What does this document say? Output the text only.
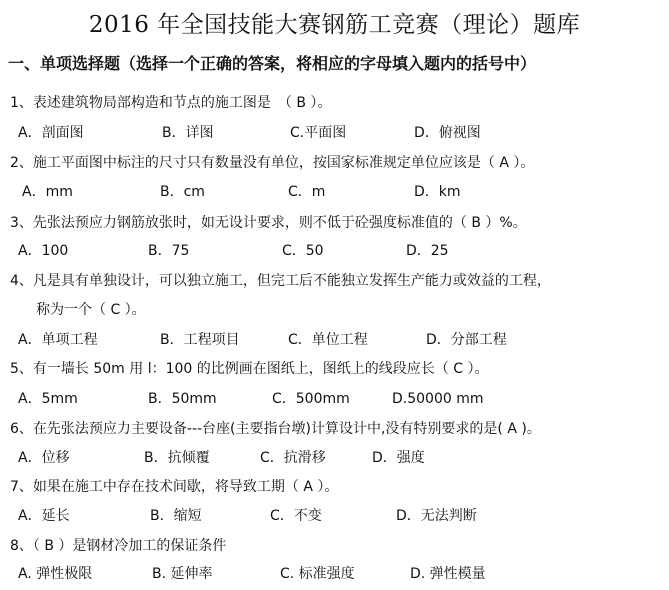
2016 年全国技能大赛钢筋工竞赛（理论）题库
一、单项选择题（选择一个正确的答案，将相应的字母填入题内的括号中）
1、表述建筑物局部构造和节点的施工图是　（ B ）。
A．剖面图	B．详图	C.平面图	D．俯视图
2、施工平面图中标注的尺寸只有数量没有单位，按国家标准规定单位应该是（ A ）。
A．mm	B．cm	C．m	D．km
3、先张法预应力钢筋放张时，如无设计要求，则不低于砼强度标准值的（ B ）%。
A．100	B．75	C．50	D．25
4、凡是具有单独设计，可以独立施工，但完工后不能独立发挥生产能力或效益的工程，
称为一个（ C ）。
A．单项工程	B．工程项目	C．单位工程	D．分部工程
5、有一墙长 50m 用 l：100 的比例画在图纸上，图纸上的线段应长（ C ）。
A．5mm	B．50mm	C．500mm	D.50000 mm
6、在先张法预应力主要设备---台座(主要指台墩)计算设计中,没有特别要求的是( A )。
A．位移	B．抗倾覆	C．抗滑移	D．强度
7、如果在施工中存在技术间歇，将导致工期（ A ）。
A．延长	B．缩短	C．不变	D．无法判断
8、（ B ）是钢材冷加工的保证条件
A. 弹性极限	B. 延伸率	C. 标准强度	D. 弹性模量
